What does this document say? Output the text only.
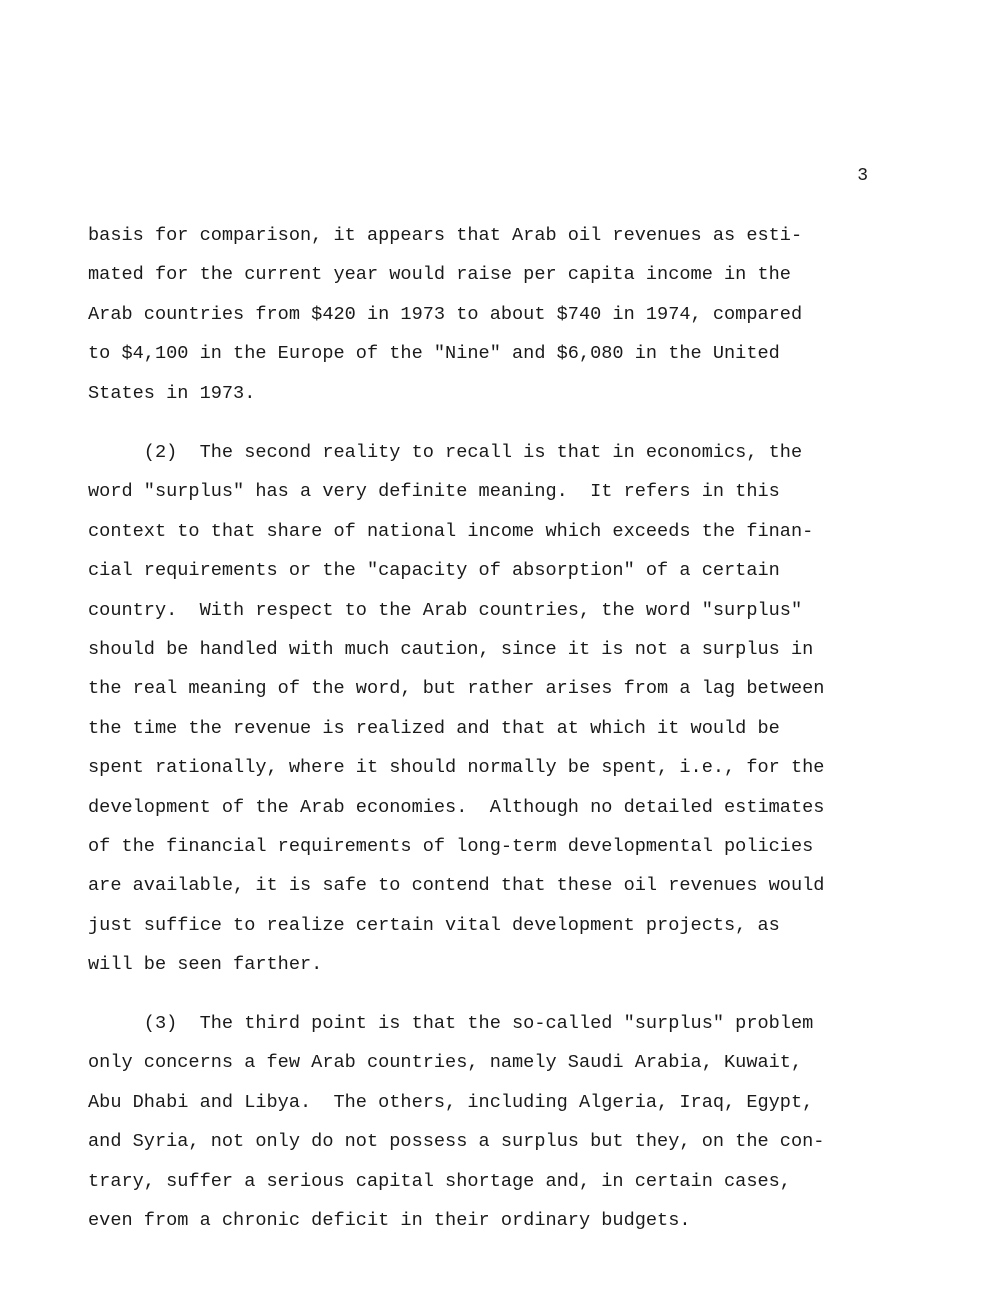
3
basis for comparison, it appears that Arab oil revenues as esti-
mated for the current year would raise per capita income in the
Arab countries from $420 in 1973 to about $740 in 1974, compared
to $4,100 in the Europe of the "Nine" and $6,080 in the United
States in 1973.
(2)  The second reality to recall is that in economics, the
word "surplus" has a very definite meaning.  It refers in this
context to that share of national income which exceeds the finan-
cial requirements or the "capacity of absorption" of a certain
country.  With respect to the Arab countries, the word "surplus"
should be handled with much caution, since it is not a surplus in
the real meaning of the word, but rather arises from a lag between
the time the revenue is realized and that at which it would be
spent rationally, where it should normally be spent, i.e., for the
development of the Arab economies.  Although no detailed estimates
of the financial requirements of long-term developmental policies
are available, it is safe to contend that these oil revenues would
just suffice to realize certain vital development projects, as
will be seen farther.
(3)  The third point is that the so-called "surplus" problem
only concerns a few Arab countries, namely Saudi Arabia, Kuwait,
Abu Dhabi and Libya.  The others, including Algeria, Iraq, Egypt,
and Syria, not only do not possess a surplus but they, on the con-
trary, suffer a serious capital shortage and, in certain cases,
even from a chronic deficit in their ordinary budgets.
